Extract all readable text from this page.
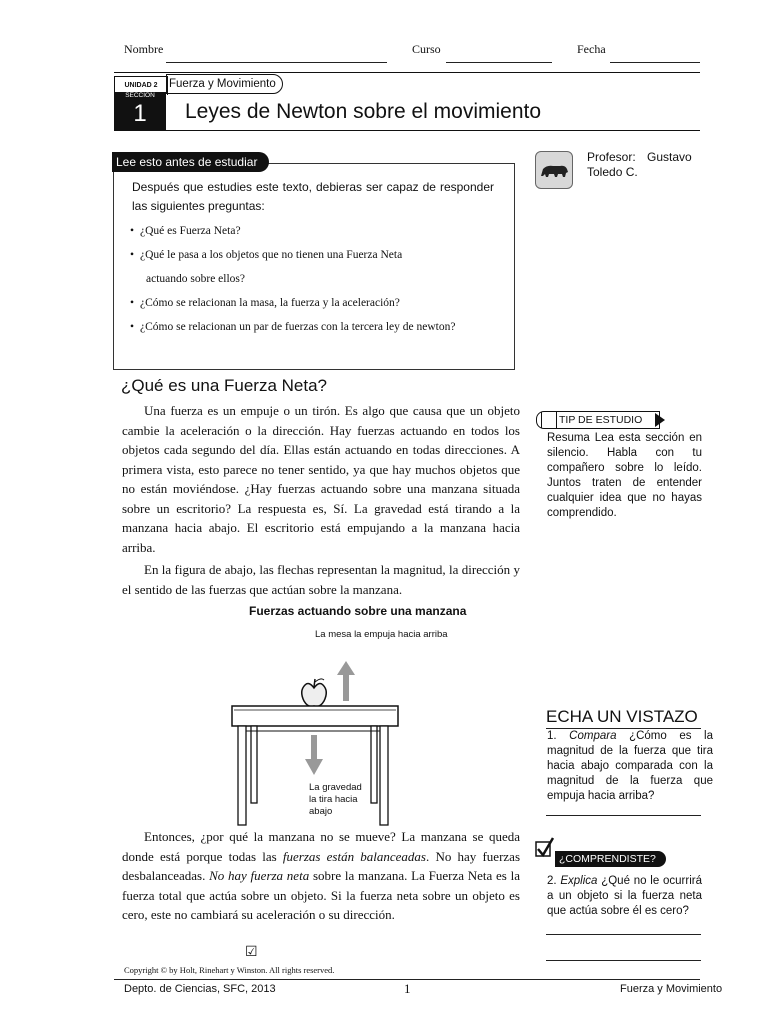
Nombre	Curso	Fecha
UNIDAD 2 Fuerza y Movimiento
SECCION
1	Leyes de Newton sobre el movimiento
Lee esto antes de estudiar
Después que estudies este texto, debieras ser capaz de responder las siguientes preguntas:
• ¿Qué es Fuerza Neta?
• ¿Qué le pasa a los objetos que no tienen una Fuerza Neta
actuando sobre ellos?
• ¿Cómo se relacionan la masa, la fuerza y la aceleración?
• ¿Cómo se relacionan un par de fuerzas con la tercera ley de newton?
Profesor: Gustavo
Toledo C.
¿Qué es una Fuerza Neta?
Una fuerza es un empuje o un tirón. Es algo que causa que un objeto cambie la aceleración o la dirección. Hay fuerzas actuando en todos los objetos cada segundo del día. Ellas están actuando en todas direcciones. A primera vista, esto parece no tener sentido, ya que hay muchos objetos que no están moviéndose. ¿Hay fuerzas actuando sobre una manzana situada sobre un escritorio? La respuesta es, Sí. La gravedad está tirando a la manzana hacia abajo. El escritorio está empujando a la manzana hacia arriba.
En la figura de abajo, las flechas representan la magnitud, la dirección y el sentido de las fuerzas que actúan sobre la manzana.
Fuerzas actuando sobre una manzana
La mesa la empuja hacia arriba
La gravedad
la tira hacia
abajo
Entonces, ¿por qué la manzana no se mueve? La manzana se queda donde está porque todas las fuerzas están balanceadas. No hay fuerzas desbalanceadas. No hay fuerza neta sobre la manzana. La Fuerza Neta es la fuerza total que actúa sobre un objeto. Si la fuerza neta sobre un objeto es cero, este no cambiará su aceleración o su dirección.
TIP DE ESTUDIO
Resuma Lea esta sección en silencio. Habla con tu compañero sobre lo leído. Juntos traten de entender cualquier idea que no hayas comprendido.
ECHA UN VISTAZO
1. Compara ¿Cómo es la magnitud de la fuerza que tira hacia abajo comparada con la magnitud de la fuerza que empuja hacia arriba?
¿COMPRENDISTE?
2. Explica ¿Qué no le ocurrirá a un objeto si la fuerza neta que actúa sobre él es cero?
☑
Copyright © by Holt, Rinehart y Winston. All rights reserved.
Depto. de Ciencias, SFC, 2013	1	Fuerza y Movimiento
